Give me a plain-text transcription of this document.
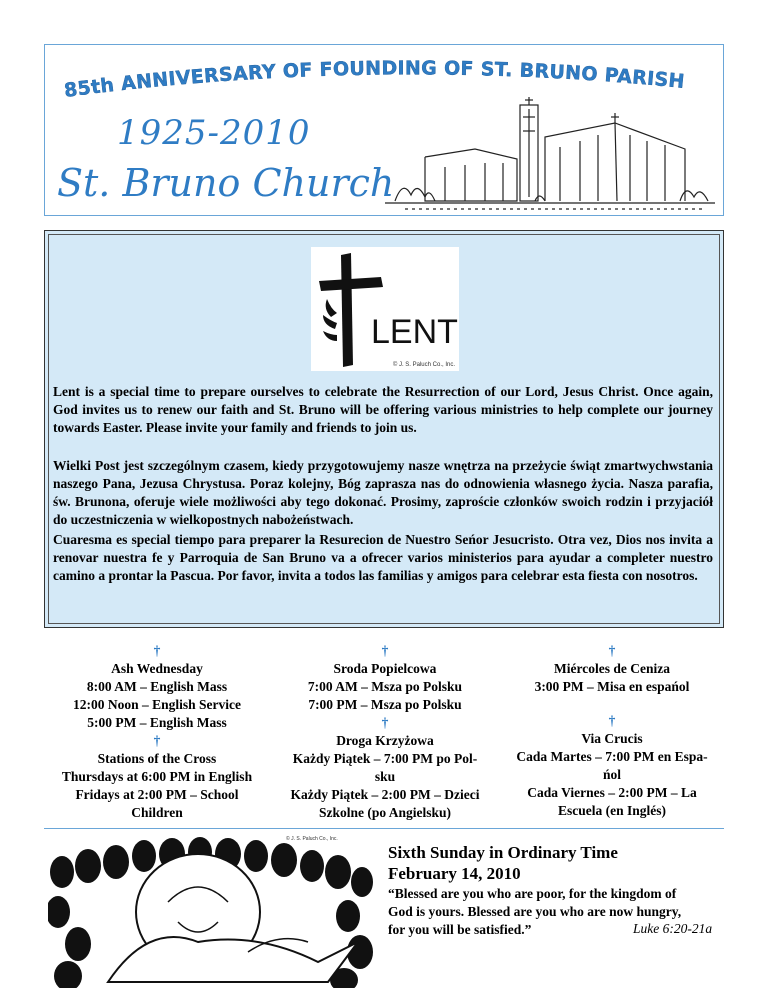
85th ANNIVERSARY OF FOUNDING OF ST. BRUNO PARISH
1925-2010
St. Bruno Church
LENT
© J. S. Paluch Co., Inc.
Lent is a special time to prepare ourselves to celebrate the Resurrection of our Lord, Jesus Christ. Once again, God invites us to renew our faith and St. Bruno will be offering various ministries to help complete our journey towards Easter. Please invite your family and friends to join us.
Wielki Post jest szczególnym czasem, kiedy przygotowujemy nasze wnętrza na przeżycie świąt zmartwychwstania naszego Pana, Jezusa Chrystusa. Poraz kolejny, Bóg zaprasza nas do odnowienia własnego życia. Nasza parafia, św. Brunona, oferuje wiele możliwości aby tego dokonać. Prosimy, zaproście członków swoich rodzin i przyjaciół do uczestniczenia w wielkopostnych nabożeństwach.
Cuaresma es special tiempo para preparer la Resurecion de Nuestro Seńor Jesucristo. Otra vez, Dios nos invita a renovar nuestra fe y Parroquia de San Bruno va a ofrecer varios ministerios para ayudar a completer nuestro camino a prontar la Pascua. Por favor, invita a todos las familias y amigos para celebrar esta fiesta con nosotros.
†
Ash Wednesday
8:00 AM – English Mass
12:00 Noon – English Service
5:00 PM – English Mass
†
Stations of the Cross
Thursdays at 6:00 PM in English
Fridays at 2:00 PM – School
Children
†
Sroda Popielcowa
7:00 AM – Msza po Polsku
7:00 PM – Msza po Polsku
†
Droga Krzyżowa
Każdy Piątek – 7:00 PM po Pol-
sku
Każdy Piątek – 2:00 PM – Dzieci
Szkolne (po Angielsku)
†
Miércoles de Ceniza
3:00 PM – Misa en espańol
†
Via Crucis
Cada Martes – 7:00 PM en Espa-
ńol
Cada Viernes – 2:00 PM – La
Escuela (en Inglés)
© J. S. Paluch Co., Inc.
Sixth Sunday in Ordinary Time
February 14, 2010
“Blessed are you who are poor, for the kingdom of
God is yours. Blessed are you who are now hungry,
for you will be satisfied.”	Luke 6:20-21a
